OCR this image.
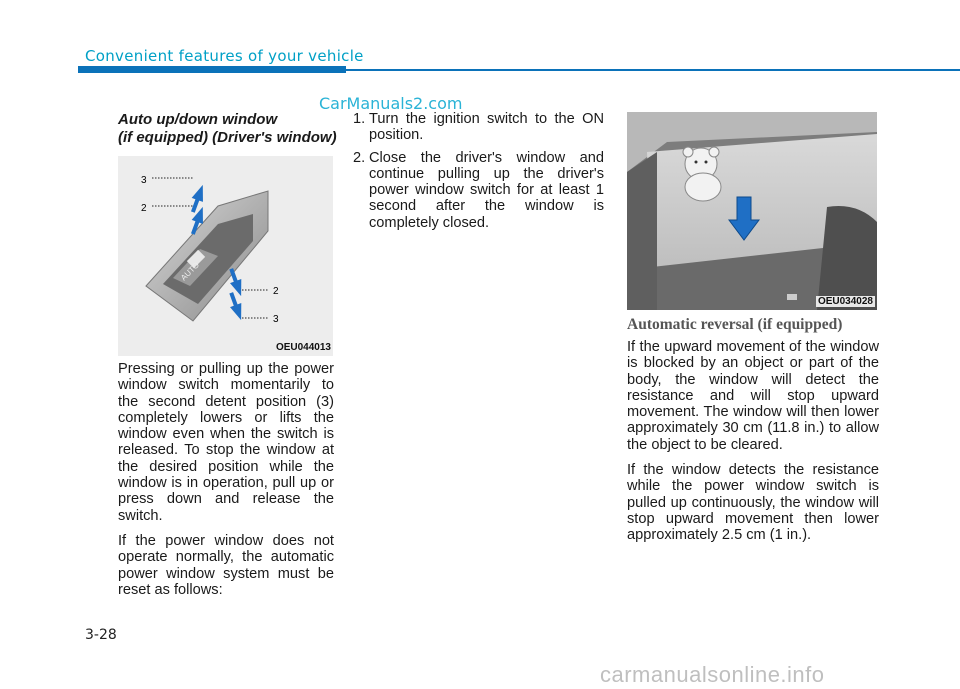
Convenient features of your vehicle
CarManuals2.com
Auto up/down window
(if equipped) (Driver's window)
AUTO
3
2
2
3
OEU044013

Pressing or pulling up the power window switch momentarily to the second detent position (3) completely lowers or lifts the window even when the switch is released. To stop the window at the desired position while the window is in operation, pull up or press down and release the switch.

If the power window does not operate normally, the automatic power window system must be reset as follows:

1. Turn the ignition switch to the ON position.
2. Close the driver's window and continue pulling up the driver's power window switch for at least 1 second after the window is completely closed.
OEU034028
Automatic reversal (if equipped)

If the upward movement of the window is blocked by an object or part of the body, the window will detect the resistance and will stop upward movement. The window will then lower approximately 30 cm (11.8 in.) to allow the object to be cleared.

If the window detects the resistance while the power window switch is pulled up continuously, the window will stop upward movement then lower approximately 2.5 cm (1 in.).

3-28
carmanualsonline.info
